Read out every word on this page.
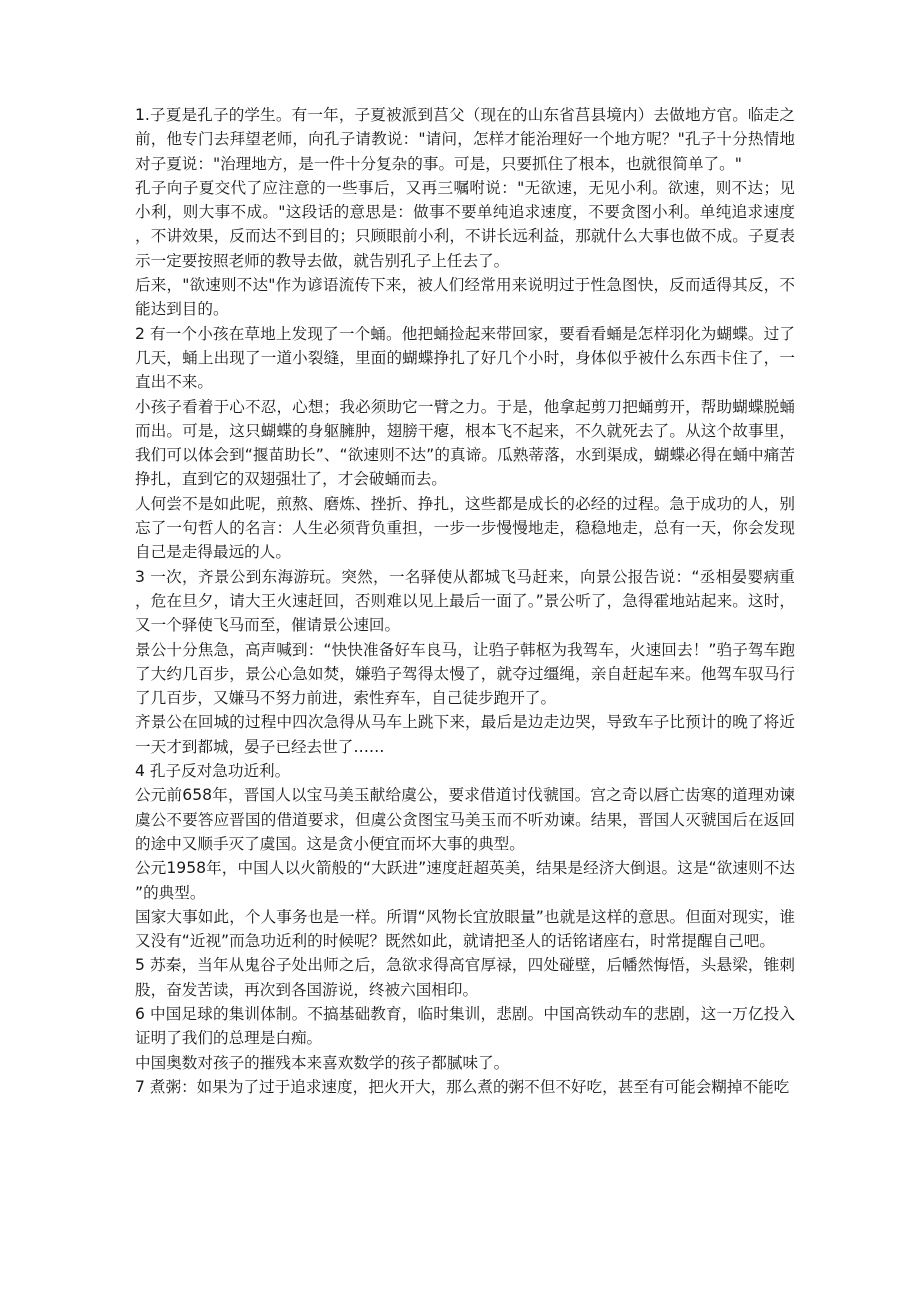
1.子夏是孔子的学生。有一年，子夏被派到莒父（现在的山东省莒县境内）去做地方官。临走之前，他专门去拜望老师，向孔子请教说："请问，怎样才能治理好一个地方呢？"孔子十分热情地对子夏说："治理地方，是一件十分复杂的事。可是，只要抓住了根本，也就很简单了。"

孔子向子夏交代了应注意的一些事后，又再三嘱咐说："无欲速，无见小利。欲速，则不达；见小利，则大事不成。"这段话的意思是：做事不要单纯追求速度，不要贪图小利。单纯追求速度，不讲效果，反而达不到目的；只顾眼前小利，不讲长远利益，那就什么大事也做不成。子夏表示一定要按照老师的教导去做，就告别孔子上任去了。

后来，"欲速则不达"作为谚语流传下来，被人们经常用来说明过于性急图快，反而适得其反，不能达到目的。

2 有一个小孩在草地上发现了一个蛹。他把蛹捡起来带回家，要看看蛹是怎样羽化为蝴蝶。过了几天，蛹上出现了一道小裂缝，里面的蝴蝶挣扎了好几个小时，身体似乎被什么东西卡住了，一直出不来。

小孩子看着于心不忍，心想；我必须助它一臂之力。于是，他拿起剪刀把蛹剪开，帮助蝴蝶脱蛹而出。可是，这只蝴蝶的身躯臃肿，翅膀干瘪，根本飞不起来，不久就死去了。从这个故事里，我们可以体会到“揠苗助长”、“欲速则不达”的真谛。瓜熟蒂落，水到渠成，蝴蝶必得在蛹中痛苦挣扎，直到它的双翅强壮了，才会破蛹而去。

人何尝不是如此呢，煎熬、磨炼、挫折、挣扎，这些都是成长的必经的过程。急于成功的人，别忘了一句哲人的名言：人生必须背负重担，一步一步慢慢地走，稳稳地走，总有一天，你会发现自己是走得最远的人。

3 一次，齐景公到东海游玩。突然，一名驿使从都城飞马赶来，向景公报告说：“丞相晏婴病重，危在旦夕，请大王火速赶回，否则难以见上最后一面了。”景公听了，急得霍地站起来。这时，又一个驿使飞马而至，催请景公速回。

景公十分焦急，高声喊到：“快快准备好车良马，让驺子韩枢为我驾车，火速回去！”驺子驾车跑了大约几百步，景公心急如焚，嫌驺子驾得太慢了，就夺过缰绳，亲自赶起车来。他驾车驭马行了几百步，又嫌马不努力前进，索性弃车，自己徒步跑开了。

齐景公在回城的过程中四次急得从马车上跳下来，最后是边走边哭，导致车子比预计的晚了将近一天才到都城，晏子已经去世了……

4 孔子反对急功近利。

公元前658年，晋国人以宝马美玉献给虞公，要求借道讨伐虢国。宫之奇以唇亡齿寒的道理劝谏虞公不要答应晋国的借道要求，但虞公贪图宝马美玉而不听劝谏。结果，晋国人灭虢国后在返回的途中又顺手灭了虞国。这是贪小便宜而坏大事的典型。

公元1958年，中国人以火箭般的“大跃进”速度赶超英美，结果是经济大倒退。这是“欲速则不达”的典型。

国家大事如此，个人事务也是一样。所谓“风物长宜放眼量”也就是这样的意思。但面对现实，谁又没有“近视”而急功近利的时候呢？既然如此，就请把圣人的话铭诸座右，时常提醒自己吧。

5 苏秦，当年从鬼谷子处出师之后，急欲求得高官厚禄，四处碰壁，后幡然悔悟，头悬梁，锥刺股，奋发苦读，再次到各国游说，终被六国相印。

6 中国足球的集训体制。不搞基础教育，临时集训，悲剧。中国高铁动车的悲剧，这一万亿投入证明了我们的总理是白痴。

中国奥数对孩子的摧残本来喜欢数学的孩子都腻味了。

7 煮粥：如果为了过于追求速度，把火开大，那么煮的粥不但不好吃，甚至有可能会糊掉不能吃
